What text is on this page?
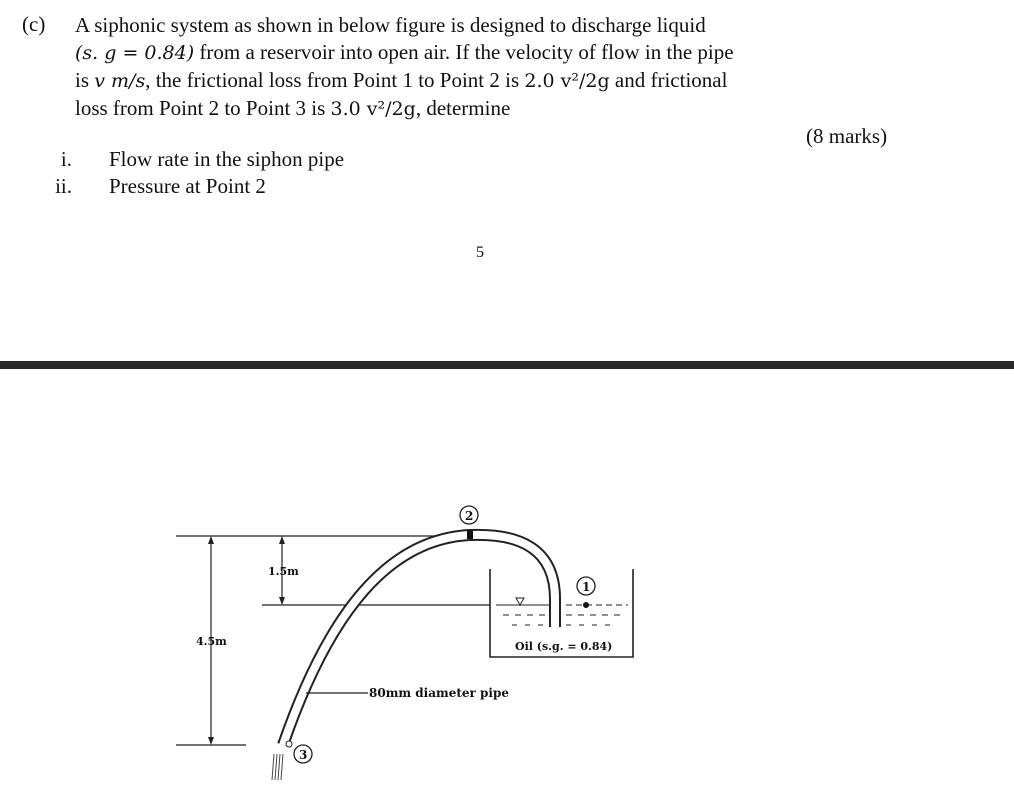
(c) A siphonic system as shown in below figure is designed to discharge liquid
(s. g = 0.84) from a reservoir into open air. If the velocity of flow in the pipe
is v m/s, the frictional loss from Point 1 to Point 2 is 2.0 v²/2g and frictional
loss from Point 2 to Point 3 is 3.0 v²/2g, determine
(8 marks)
i. Flow rate in the siphon pipe
ii. Pressure at Point 2
5
4.5m
1.5m
Oil (s.g. = 0.84)
2
1
3
80mm diameter pipe
